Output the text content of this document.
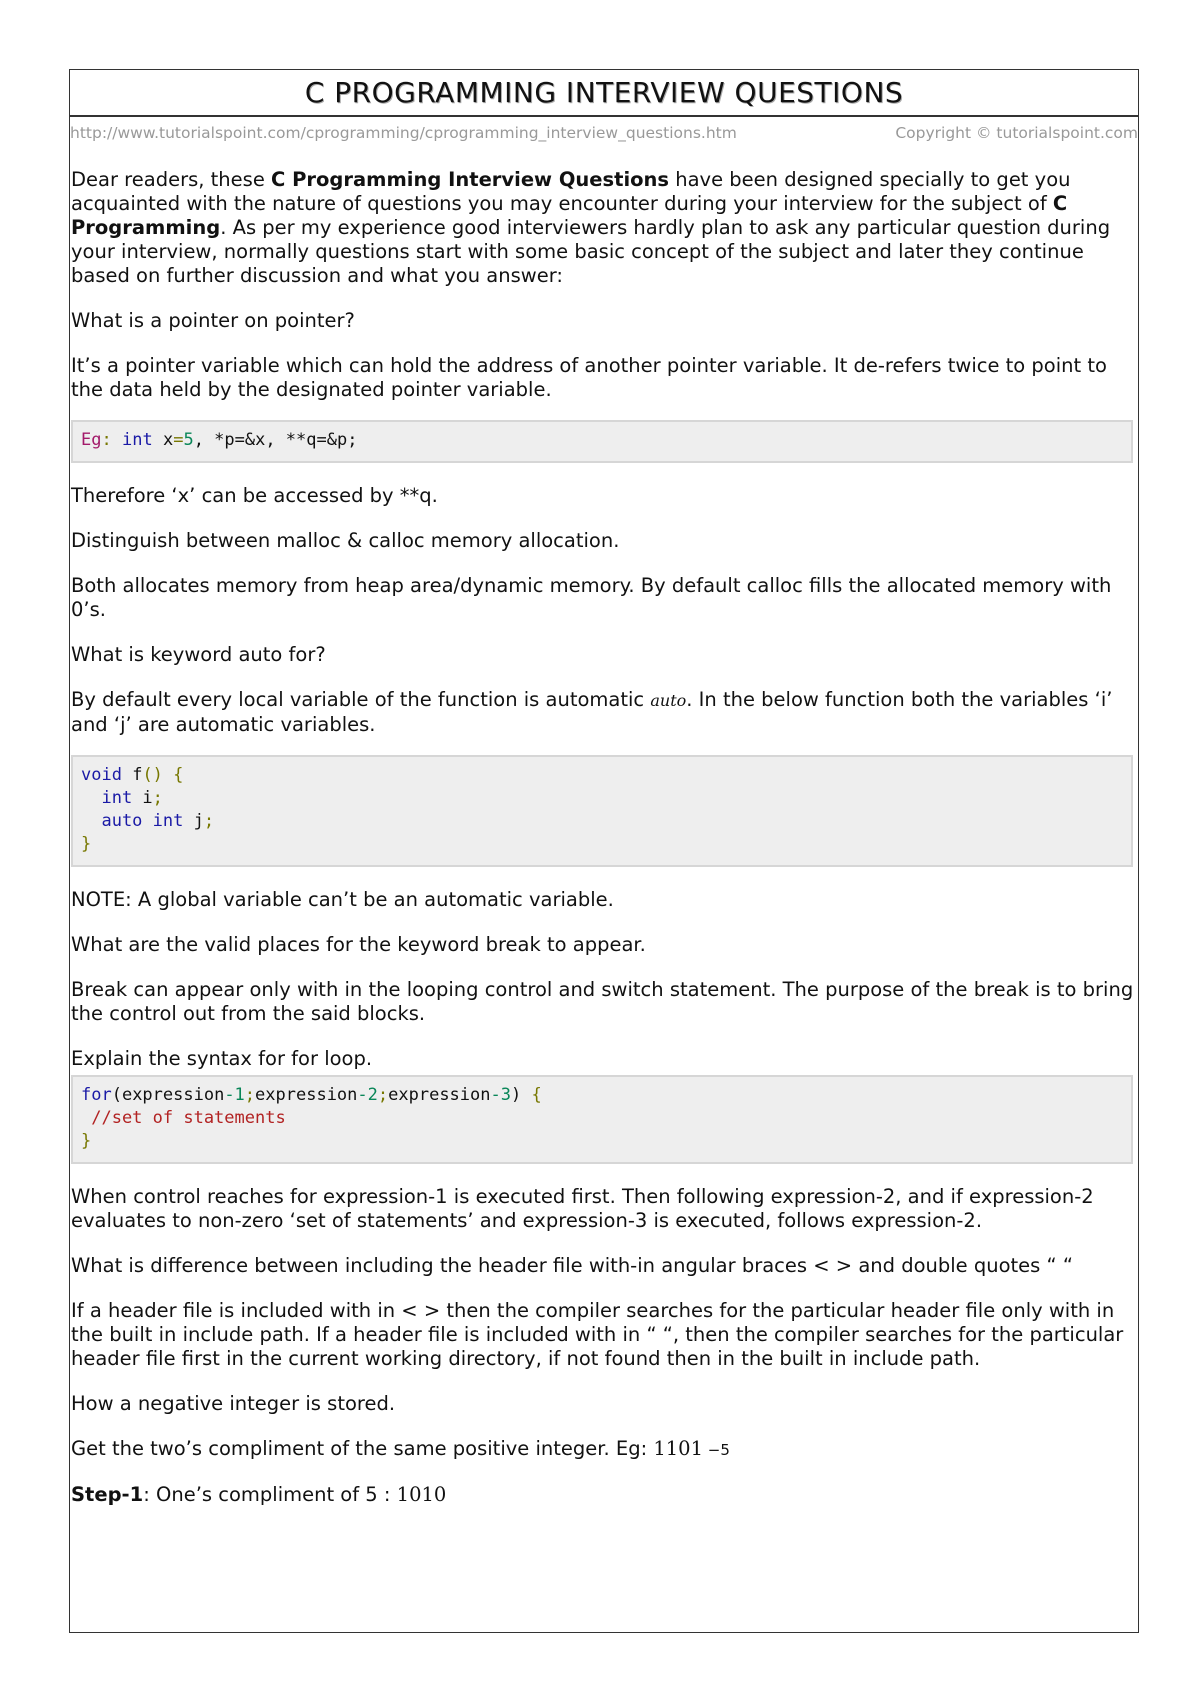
C PROGRAMMING INTERVIEW QUESTIONS
http://www.tutorialspoint.com/cprogramming/cprogramming_interview_questions.htm	Copyright © tutorialspoint.com

Dear readers, these C Programming Interview Questions have been designed specially to get you acquainted with the nature of questions you may encounter during your interview for the subject of C Programming. As per my experience good interviewers hardly plan to ask any particular question during your interview, normally questions start with some basic concept of the subject and later they continue based on further discussion and what you answer:

What is a pointer on pointer?

It’s a pointer variable which can hold the address of another pointer variable. It de-refers twice to point to the data held by the designated pointer variable.

Eg: int x=5, *p=&x, **q=&p;

Therefore ‘x’ can be accessed by **q.

Distinguish between malloc & calloc memory allocation.

Both allocates memory from heap area/dynamic memory. By default calloc fills the allocated memory with 0’s.

What is keyword auto for?

By default every local variable of the function is automatic auto. In the below function both the variables ‘i’ and ‘j’ are automatic variables.

void f() {
int i;
auto int j;
}

NOTE: A global variable can’t be an automatic variable.

What are the valid places for the keyword break to appear.

Break can appear only with in the looping control and switch statement. The purpose of the break is to bring the control out from the said blocks.

Explain the syntax for for loop.

for(expression-1;expression-2;expression-3) {
//set of statements
}

When control reaches for expression-1 is executed first. Then following expression-2, and if expression-2 evaluates to non-zero ‘set of statements’ and expression-3 is executed, follows expression-2.

What is difference between including the header file with-in angular braces < > and double quotes “ “

If a header file is included with in < > then the compiler searches for the particular header file only with in the built in include path. If a header file is included with in “ “, then the compiler searches for the particular header file first in the current working directory, if not found then in the built in include path.

How a negative integer is stored.

Get the two’s compliment of the same positive integer. Eg: 1101 −5

Step-1: One’s compliment of 5 : 1010
